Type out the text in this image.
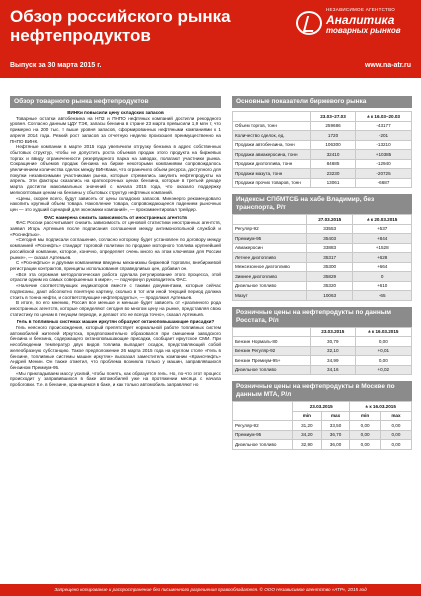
Обзор российского рынка нефтепродуктов
НЕЗАВИСИМОЕ АГЕНТСТВО
Аналитика
товарных рынков
Выпуск за 30 марта 2015 г.	www.na-atr.ru
Обзор товарного рынка нефтепродуктов
ВИНКи повысили цену складских запасов

Товарные остатки автобензина на НПЗ и ПНПО нефтяных компаний достигли рекордного уровня. Согласно данным ЦДУ ТЭК, запасы бензина в стране 23 марта превысили 1,9 млн т, что примерно на 200 тыс. т выше уровня запасов, сформированных нефтяными компаниями к 1 апреля 2014 года. Резкий рост запасов за отчетную неделю произошел преимущественно на ПНПО ВИНК.

Нефтяные компании в марте 2015 года увеличили отгрузку бензина в адрес собственных сбытовых структур, чтобы не допустить роста объемов продаж этого продукта на биржевых торгах и ввиду ограниченности резервуарного парка на заводах, полагают участники рынка. Сокращение объемов продаж бензина на бирже некоторыми компаниями сопровождалось увеличением количества сделок между ВИНКами, что ограничило объем ресурса, доступного для покупки независимыми участниками рынка, которые стремились закупить нефтепродукты на апрель. Эти факторы сказались на краткосрочных ценах бензина, которые в третьей декаде марта достигли максимальных значений с начала 2015 года, что оказало поддержку мелкооптовым ценам на бензины у сбытовых структур нефтяных компаний.

«Цены, скорее всего, будут зависеть от цены складских запасов. Минэнерго рекомендовало накопить крупный объем товара. Накопление товара, сопровождающееся падением рыночных цен — это худший сценарий для экономики компаний», — прокомментировал трейдер.

ФАС намерена снизить зависимость от иностранных агентств

ФАС России рассчитывает снизить зависимость от ценовой статистики иностранных агентств, заявил Игорь Артемьев после подписания соглашения между антимонопольной службой и «Роснефтью».

«Сегодня мы подписали соглашение, согласно которому будет установлен по договору между компанией «Роснефть» стандарт торговой политики по продаже моторного топлива крупнейшей российской компании, которое, конечно, определяет очень много на этом ключевом для России рынке», — сказал Артемьев.

С «Роснефтью» и другими компаниями введены механизмы биржевой торговли, внебиржевой регистрации контрактов, принципы использования справедливых цен, добавил он.

«Вся эта огромная методологическая работа сделала регулирование этого процесса, этой отрасли одним из самых совершенных в мире», — подчеркнул руководитель ФАС.

«Наличие соответствующих индикаторов вместе с такими документами, которые сейчас подписаны, дают абсолютно понятную картину, сколько в тот или иной текущий период должна стоить в тонна нефти, и соответствующие нефтепродукты», — продолжил Артемьев.

В итоге, по его мнению, Россия все меньше и меньше будет зависеть от «разлинного рода иностранных агентств, которые определяют сегодня во многом цену на рынке, представляя свою статистику по ценам в текущем периоде, и делают это не всегда точно», сказал Артемьев.

Гель в топливных системах машин иркутян образуют октаноповышающие присадки?

Гель неясного происхождения, который препятствует нормальной работе топливных систем автомобилей жителей Иркутска, предположительно образовался при смешении заводского бензина и бензина, содержащего октаноповышающие присадки, сообщает иркутское СМИ. При несоблюдении температур двух видов топлива выпадает осадок, представляющий собой желеобразную субстанцию. Такое предположение 26 марта 2015 года на круглом столе «Гель в бензине, топливные системы машин иркутян» высказал заместитель компании «КрансНефть» Андрей Менин. Он также отметил, что проблема возникла только у машин, заправлявшихся бензином Премиум-95.

«Мы прикладываем массу усилий, чтобы понять, как образуется гель. Но, по-что этот процесс происходит у заправившихся в баке автомобилей уже на протяжении месяца с начала пробоговки. Т.е. в бензине, хранящемся в баке, и как только автомобиль заправляют но

Основные показатели биржевого рынка
	23.03–27.03	± к 16.03–20.03
Объем торгов, тонн	259686	-43177
Количество сделок, ед.	1720	-201
Продажи автобензина, тонн	106300	-13210
Продажи авиакеросина, тонн	32410	+10385
Продажи дизтоплива, тонн	84685	-12940
Продажи мазута, тонн	23230	-20725
Продажи прочих товаров, тонн	13061	-6687
Индексы СПбМТСБ на хабе Владимир, без транспорта, Р/т
	27.03.2015	± к 20.03.2015
Регуляр-92	33553	+537
Премиум-95	35403	+844
Авиакеросин	33883	+1528
Летнее дизтопливо	35317	+628
Межсезонное дизтопливо	35300	+664
Зимнее дизтопливо	35829	0
Дизельное топливо	35320	+610
Мазут	10063	-65
Розничные цены на нефтепродукты по данным Росстата, Р/л
	23.03.2015	± к 16.03.2015
Бензин Нормаль-80	30,79	0,00
Бензин Регуляр-92	32,10	+0,01
Бензин Премиум-95+	34,99	0,00
Дизельное топливо	34,16	+0,02
Розничные цены на нефтепродукты в Москве по данным МТА, Р/л
	23.03.2015		± к 16.03.2015	
	min	max	min	max
Регуляр-92	31,20	33,50	0,00	0,00
Премиум-95	34,20	36,70	0,00	0,00
Дизельное топливо	32,90	36,00	0,00	0,00
Запрещено копирование и распространение без письменного разрешения правообладателя. © ООО Независимое агентство «АТР», 2015 год
